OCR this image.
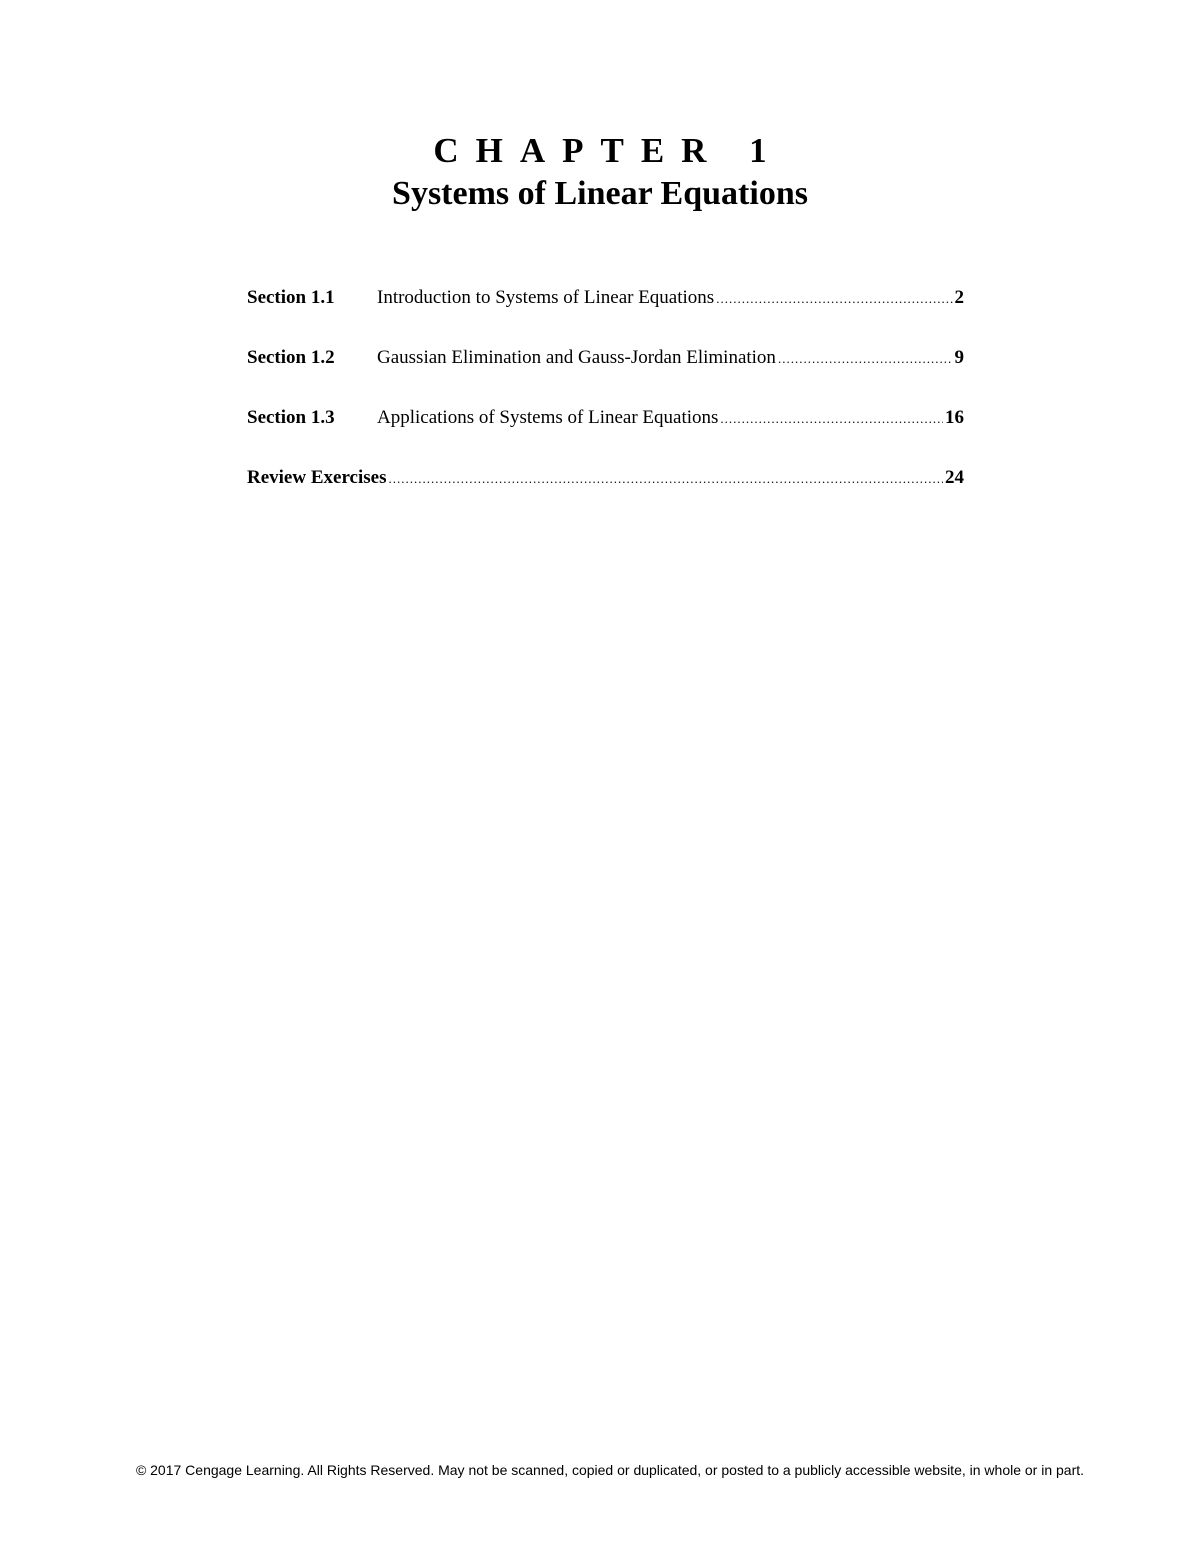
CHAPTER 1
Systems of Linear Equations
Section 1.1	Introduction to Systems of Linear Equations .....	2
Section 1.2	Gaussian Elimination and Gauss-Jordan Elimination .....	9
Section 1.3	Applications of Systems of Linear Equations .....	16
Review Exercises .....	24

© 2017 Cengage Learning. All Rights Reserved. May not be scanned, copied or duplicated, or posted to a publicly accessible website, in whole or in part.
